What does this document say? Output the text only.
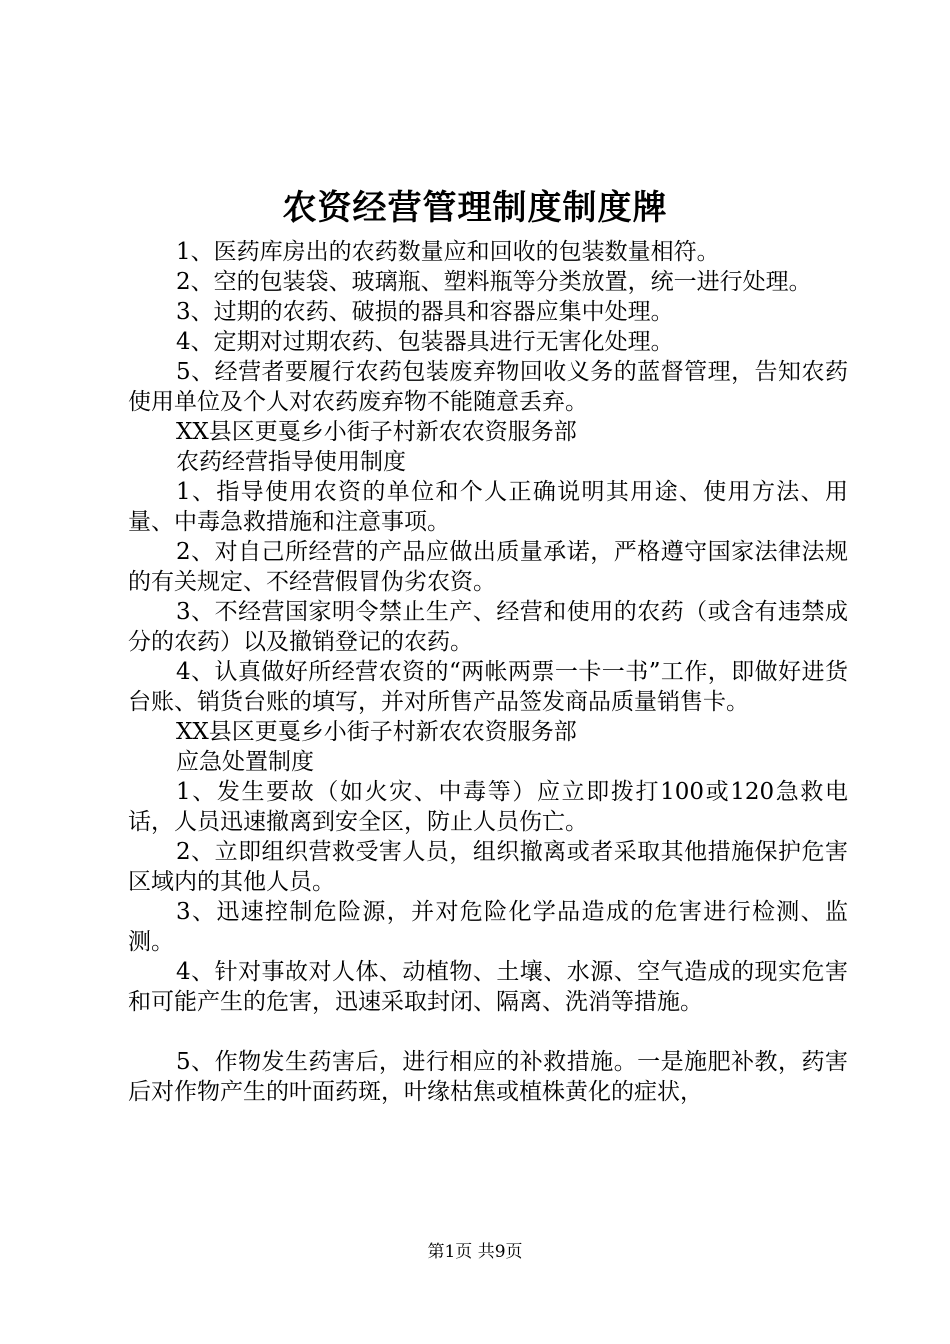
农资经营管理制度制度牌

1、医药库房出的农药数量应和回收的包装数量相符。

2、空的包装袋、玻璃瓶、塑料瓶等分类放置，统一进行处理。

3、过期的农药、破损的器具和容器应集中处理。

4、定期对过期农药、包装器具进行无害化处理。

5、经营者要履行农药包装废弃物回收义务的蓝督管理，告知农药使用单位及个人对农药废弃物不能随意丢弃。

XX县区更戛乡小街子村新农农资服务部

农药经营指导使用制度

1、指导使用农资的单位和个人正确说明其用途、使用方法、用量、中毒急救措施和注意事项。

2、对自己所经营的产品应做出质量承诺，严格遵守国家法律法规的有关规定、不经营假冒伪劣农资。

3、不经营国家明令禁止生产、经营和使用的农药（或含有违禁成分的农药）以及撤销登记的农药。

4、认真做好所经营农资的“两帐两票一卡一书”工作，即做好进货台账、销货台账的填写，并对所售产品签发商品质量销售卡。

XX县区更戛乡小街子村新农农资服务部

应急处置制度

1、发生要故（如火灾、中毒等）应立即拨打100或120急救电话，人员迅速撤离到安全区，防止人员伤亡。

2、立即组织营救受害人员，组织撤离或者采取其他措施保护危害区域内的其他人员。

3、迅速控制危险源，并对危险化学品造成的危害进行检测、监测。

4、针对事故对人体、动植物、土壤、水源、空气造成的现实危害和可能产生的危害，迅速采取封闭、隔离、洗消等措施。

5、作物发生药害后，进行相应的补救措施。一是施肥补教，药害后对作物产生的叶面药斑，叶缘枯焦或植株黄化的症状，

第1页 共9页
